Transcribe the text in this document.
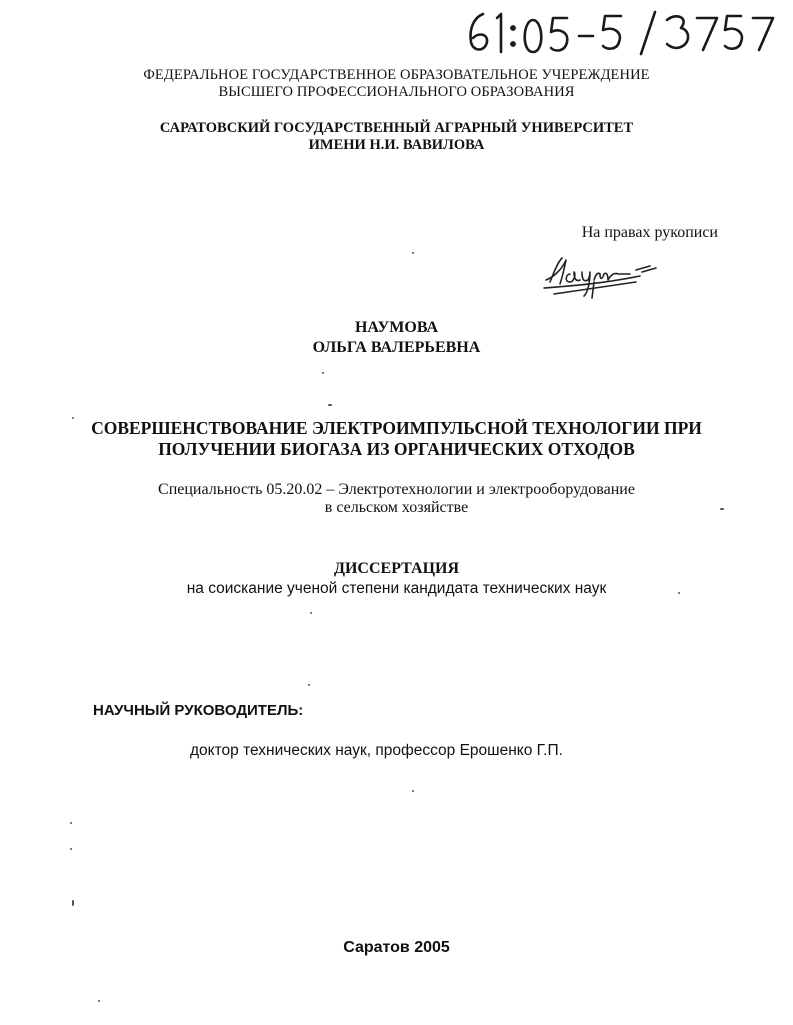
ФЕДЕРАЛЬНОЕ ГОСУДАРСТВЕННОЕ ОБРАЗОВАТЕЛЬНОЕ УЧЕРЕЖДЕНИЕ
ВЫСШЕГО ПРОФЕССИОНАЛЬНОГО ОБРАЗОВАНИЯ
САРАТОВСКИЙ ГОСУДАРСТВЕННЫЙ АГРАРНЫЙ УНИВЕРСИТЕТ
ИМЕНИ Н.И. ВАВИЛОВА
На правах рукописи
НАУМОВА
ОЛЬГА ВАЛЕРЬЕВНА
СОВЕРШЕНСТВОВАНИЕ ЭЛЕКТРОИМПУЛЬСНОЙ ТЕХНОЛОГИИ ПРИ
ПОЛУЧЕНИИ БИОГАЗА ИЗ ОРГАНИЧЕСКИХ ОТХОДОВ
Специальность 05.20.02 – Электротехнологии и электрооборудование
в сельском хозяйстве
ДИССЕРТАЦИЯ
на соискание ученой степени кандидата технических наук
НАУЧНЫЙ РУКОВОДИТЕЛЬ:
доктор технических наук, профессор Ерошенко Г.П.
Саратов 2005
